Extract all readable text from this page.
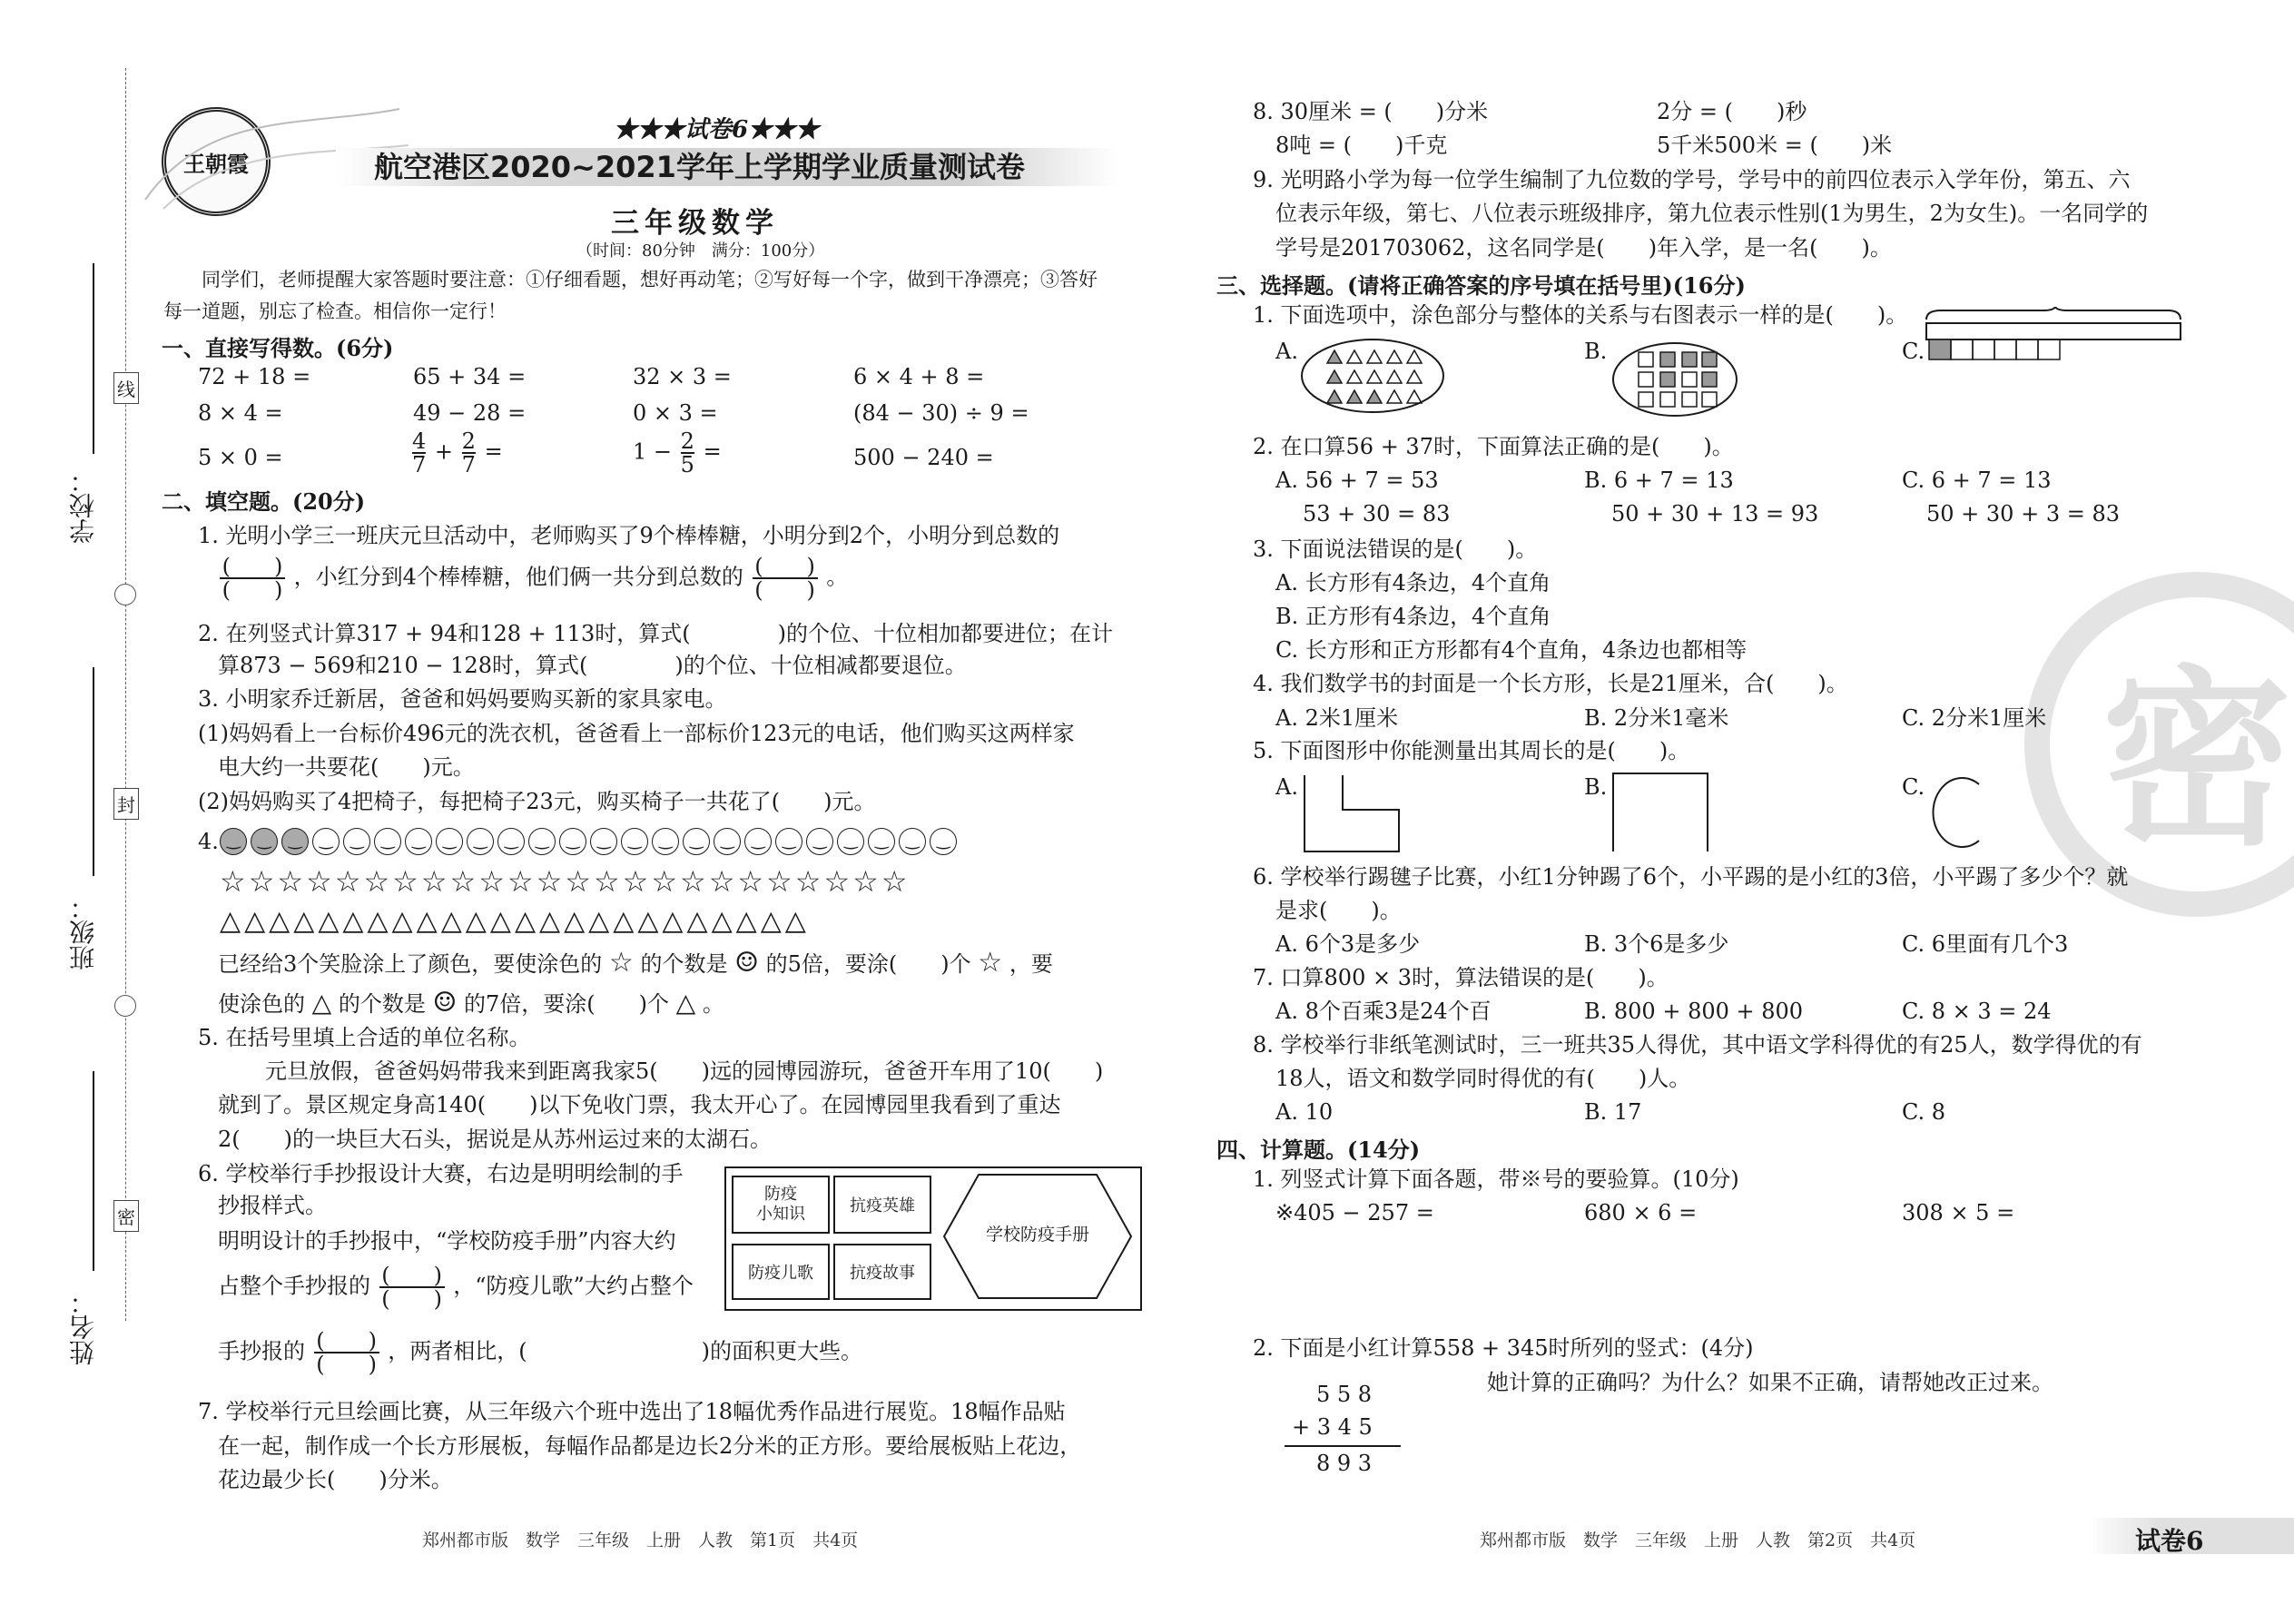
线
封
密
学校：
班级：
姓名：
王朝霞
★★★试卷6★★★
航空港区2020~2021学年上学期学业质量测试卷
三年级数学
（时间：80分钟　满分：100分）
同学们，老师提醒大家答题时要注意：①仔细看题，想好再动笔；②写好每一个字，做到干净漂亮；③答好
每一道题，别忘了检查。相信你一定行！
一、直接写得数。(6分)
72 + 18 =	65 + 34 =	32 × 3 =	6 × 4 + 8 =
8 × 4 =	49 − 28 =	0 × 3 =	(84 − 30) ÷ 9 =
5 × 0 =	$\frac{4}{7} + \frac{2}{7}$ =	$1 - \frac{2}{5}$ =	500 − 240 =
二、填空题。(20分)
1. 光明小学三一班庆元旦活动中，老师购买了9个棒棒糖，小明分到2个，小明分到总数的
$\frac{( )}{( )}$ ，小红分到4个棒棒糖，他们俩一共分到总数的 $\frac{( )}{( )}$ 。
2. 在列竖式计算317 + 94和128 + 113时，算式(　　　　)的个位、十位相加都要进位；在计
算873 − 569和210 − 128时，算式(　　　　)的个位、十位相减都要退位。
3. 小明家乔迁新居，爸爸和妈妈要购买新的家具家电。
(1)妈妈看上一台标价496元的洗衣机，爸爸看上一部标价123元的电话，他们购买这两样家
电大约一共要花(　　)元。
(2)妈妈购买了4把椅子，每把椅子23元，购买椅子一共花了(　　)元。
4. ‿ ‿ ‿ ‿ ‿ ‿ ‿ ‿ ‿ ‿ ‿ ‿ ‿ ‿ ‿ ‿ ‿ ‿ ‿ ‿ ‿ ‿ ‿ ‿
☆ ☆ ☆ ☆ ☆ ☆ ☆ ☆ ☆ ☆ ☆ ☆ ☆ ☆ ☆ ☆ ☆ ☆ ☆ ☆ ☆ ☆ ☆ ☆
△ △ △ △ △ △ △ △ △ △ △ △ △ △ △ △ △ △ △ △ △ △ △ △
已经给3个笑脸涂上了颜色，要使涂色的 ☆ 的个数是 ☺ 的5倍，要涂(　　)个 ☆ ，要
使涂色的 △ 的个数是 ☺ 的7倍，要涂(　　)个 △ 。
5. 在括号里填上合适的单位名称。
元旦放假，爸爸妈妈带我来到距离我家5(　　)远的园博园游玩，爸爸开车用了10(　　)
就到了。景区规定身高140(　　)以下免收门票，我太开心了。在园博园里我看到了重达
2(　　)的一块巨大石头，据说是从苏州运过来的太湖石。
6. 学校举行手抄报设计大赛，右边是明明绘制的手
抄报样式。
明明设计的手抄报中，“学校防疫手册”内容大约
占整个手抄报的 $\frac{( )}{( )}$ ，“防疫儿歌”大约占整个
手抄报的 $\frac{( )}{( )}$ ，两者相比，(　　　　　　　　)的面积更大些。
防疫
小知识	抗疫英雄
防疫儿歌 抗疫故事
学校防疫手册
7. 学校举行元旦绘画比赛，从三年级六个班中选出了18幅优秀作品进行展览。18幅作品贴
在一起，制作成一个长方形展板，每幅作品都是边长2分米的正方形。要给展板贴上花边，
花边最少长(　　)分米。
郑州都市版　数学　三年级　上册　人教　第1页　共4页
密
8. 30厘米 = (　　)分米	2分 = (　　)秒
8吨 = (　　)千克	5千米500米 = (　　)米
9. 光明路小学为每一位学生编制了九位数的学号，学号中的前四位表示入学年份，第五、六
位表示年级，第七、八位表示班级排序，第九位表示性别(1为男生，2为女生)。一名同学的
学号是201703062，这名同学是(　　)年入学，是一名(　　)。
三、选择题。(请将正确答案的序号填在括号里)(16分)
1. 下面选项中，涂色部分与整体的关系与右图表示一样的是(　　)。
A.	B.	C.
2. 在口算56 + 37时，下面算法正确的是(　　)。
A. 56 + 7 = 53
53 + 30 = 83
B. 6 + 7 = 13
50 + 30 + 13 = 93
C. 6 + 7 = 13
50 + 30 + 3 = 83
3. 下面说法错误的是(　　)。
A. 长方形有4条边，4个直角
B. 正方形有4条边，4个直角
C. 长方形和正方形都有4个直角，4条边也都相等
4. 我们数学书的封面是一个长方形，长是21厘米，合(　　)。
A. 2米1厘米	B. 2分米1毫米	C. 2分米1厘米
5. 下面图形中你能测量出其周长的是(　　)。
A.	B.	C.
6. 学校举行踢毽子比赛，小红1分钟踢了6个，小平踢的是小红的3倍，小平踢了多少个？就
是求(　　)。
A. 6个3是多少	B. 3个6是多少	C. 6里面有几个3
7. 口算800 × 3时，算法错误的是(　　)。
A. 8个百乘3是24个百	B. 800 + 800 + 800	C. 8 × 3 = 24
8. 学校举行非纸笔测试时，三一班共35人得优，其中语文学科得优的有25人，数学得优的有
18人，语文和数学同时得优的有(　　)人。
A. 10	B. 17	C. 8
四、计算题。(14分)
1. 列竖式计算下面各题，带※号的要验算。(10分)
※405 − 257 =	680 × 6 =	308 × 5 =
2. 下面是小红计算558 + 345时所列的竖式：(4分)
她计算的正确吗？为什么？如果不正确，请帮她改正过来。
5 5 8
+ 3 4 5
8 9 3
郑州都市版　数学　三年级　上册　人教　第2页　共4页	试卷6
